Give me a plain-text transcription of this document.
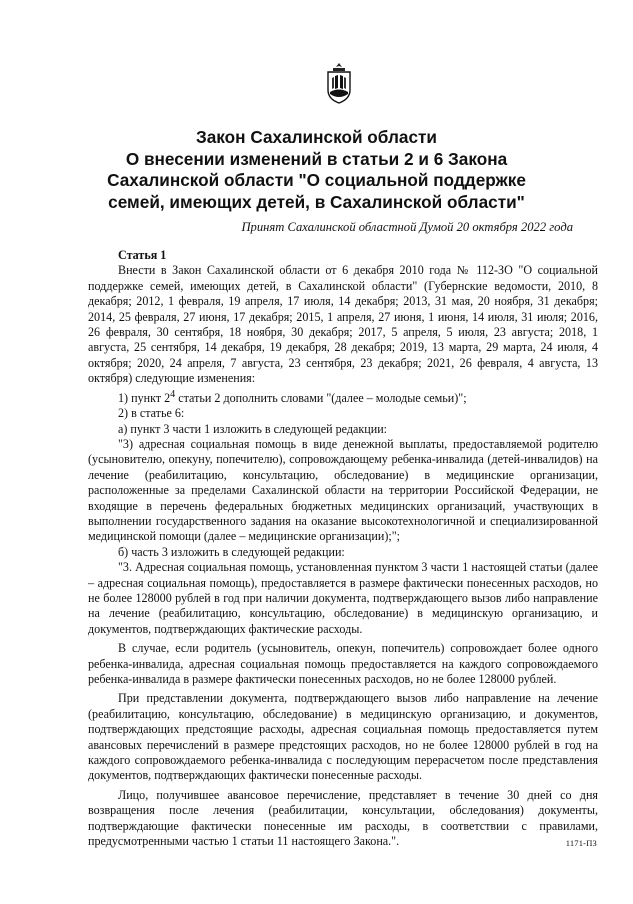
Закон Сахалинской области
О внесении изменений в статьи 2 и 6 Закона
Сахалинской области "О социальной поддержке
семей, имеющих детей, в Сахалинской области"
Принят Сахалинской областной Думой 20 октября 2022 года

Статья 1

Внести в Закон Сахалинской области от 6 декабря 2010 года № 112-ЗО "О социальной поддержке семей, имеющих детей, в Сахалинской области" (Губернские ведомости, 2010, 8 декабря; 2012, 1 февраля, 19 апреля, 17 июля, 14 декабря; 2013, 31 мая, 20 ноября, 31 декабря; 2014, 25 февраля, 27 июня, 17 декабря; 2015, 1 апреля, 27 июня, 1 июня, 14 июля, 31 июля; 2016, 26 февраля, 30 сентября, 18 ноября, 30 декабря; 2017, 5 апреля, 5 июля, 23 августа; 2018, 1 августа, 25 сентября, 14 декабря, 19 декабря, 28 декабря; 2019, 13 марта, 29 марта, 24 июля, 4 октября; 2020, 24 апреля, 7 августа, 23 сентября, 23 декабря; 2021, 26 февраля, 4 августа, 13 октября) следующие изменения:

1) пункт $2^4$ статьи 2 дополнить словами "(далее – молодые семьи)";

2) в статье 6:

а) пункт 3 части 1 изложить в следующей редакции:

"3) адресная социальная помощь в виде денежной выплаты, предоставляемой родителю (усыновителю, опекуну, попечителю), сопровождающему ребенка-инвалида (детей-инвалидов) на лечение (реабилитацию, консультацию, обследование) в медицинские организации, расположенные за пределами Сахалинской области на территории Российской Федерации, не входящие в перечень федеральных бюджетных медицинских организаций, участвующих в выполнении государственного задания на оказание высокотехнологичной и специализированной медицинской помощи (далее – медицинские организации);";

б) часть 3 изложить в следующей редакции:

"3. Адресная социальная помощь, установленная пунктом 3 части 1 настоящей статьи (далее – адресная социальная помощь), предоставляется в размере фактически понесенных расходов, но не более 128000 рублей в год при наличии документа, подтверждающего вызов либо направление на лечение (реабилитацию, консультацию, обследование) в медицинскую организацию, и документов, подтверждающих фактические расходы.

В случае, если родитель (усыновитель, опекун, попечитель) сопровождает более одного ребенка-инвалида, адресная социальная помощь предоставляется на каждого сопровождаемого ребенка-инвалида в размере фактически понесенных расходов, но не более 128000 рублей.

При представлении документа, подтверждающего вызов либо направление на лечение (реабилитацию, консультацию, обследование) в медицинскую организацию, и документов, подтверждающих предстоящие расходы, адресная социальная помощь предоставляется путем авансовых перечислений в размере предстоящих расходов, но не более 128000 рублей в год на каждого сопровождаемого ребенка-инвалида с последующим перерасчетом после представления документов, подтверждающих фактически понесенные расходы.

Лицо, получившее авансовое перечисление, представляет в течение 30 дней со дня возвращения после лечения (реабилитации, консультации, обследования) документы, подтверждающие фактически понесенные им расходы, в соответствии с правилами, предусмотренными частью 1 статьи 11 настоящего Закона.".	1171-ПЗ
